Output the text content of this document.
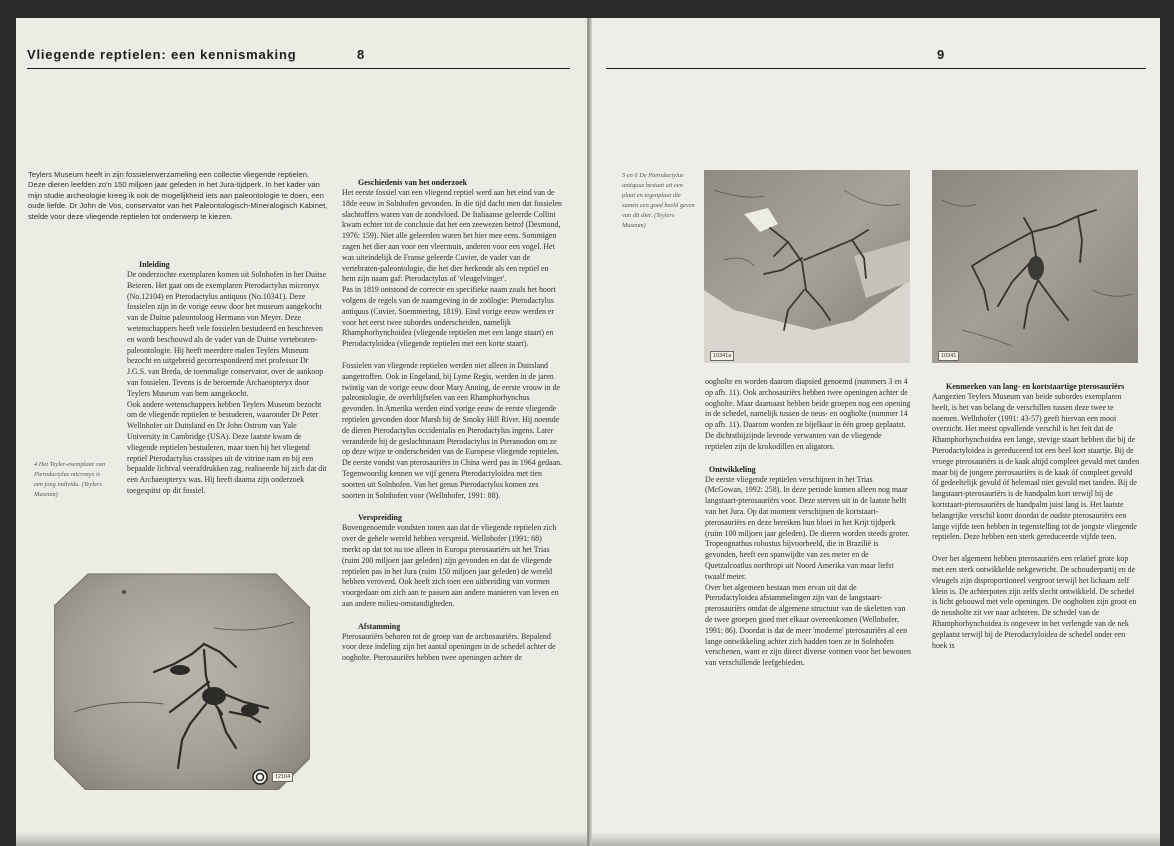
Vliegende reptielen: een kennismaking	8
Teylers Museum heeft in zijn fossielenverzameling een collectie vliegende reptielen. Deze dieren leefden zo'n 150 miljoen jaar geleden in het Jura-tijdperk. In het kader van mijn studie archeologie kreeg ik ook de mogelijkheid iets aan paleontologie te doen, een oude liefde. Dr John de Vos, conservator van het Paleontologisch-Mineralogisch Kabinet, stelde voor deze vliegende reptielen tot onderwerp te kiezen.
Inleiding

De onderzochte exemplaren komen uit Solnhofen in het Duitse Beieren. Het gaat om de exemplaren Pterodactylus micronyx (No.12104) en Pterodactylus antiquus (No.10341). Deze fossielen zijn in de vorige eeuw door het museum aangekocht van de Duitse paleontoloog Hermann von Meyer. Deze wetenschappers heeft vele fossielen bestudeerd en beschreven en wordt beschouwd als de vader van de Duitse vertebraten-paleontologie. Hij heeft meerdere malen Teylers Museum bezocht en uitgebreid gecorrespondeerd met professor Dr J.G.S. van Breda, de toenmalige conservator, over de aankoop van fossielen. Tevens is de beroemde Archaeopteryx door Teylers Museum van hem aangekocht.

Ook andere wetenschappers hebben Teylers Museum bezocht om de vliegende reptielen te bestuderen, waaronder Dr Peter Wellnhofer uit Duitsland en Dr John Ostrom van Yale University in Cambridge (USA). Deze laatste kwam de vliegende reptielen bestuderen, maar toen hij het vliegend reptiel Pterodactylus crassipes uit de vitrine nam en bij een bepaalde lichtval veerafdrukken zag, realiseerde hij zich dat dit een Archaeopteryx was. Hij heeft daarna zijn onderzoek toegespitst op dit fossiel.

4 Het Teyler-exemplaar van Pterodactylus micronyx is een jong individu. (Teylers Museum)
12104
Geschiedenis van het onderzoek

Het eerste fossiel van een vliegend reptiel werd aan het eind van de 18de eeuw in Solnhofen gevonden. In die tijd dacht men dat fossielen slachtoffers waren van de zondvloed. De Italiaanse geleerde Collini kwam echter tot de conclusie dat het een zeewezen betrof (Desmond, 1976: 159). Niet alle geleerden waren het hier mee eens. Sommigen zagen het dier aan voor een vleermuis, anderen voor een vogel. Het was uiteindelijk de Franse geleerde Cuvier, de vader van de vertebraten-paleontologie, die het dier herkende als een reptiel en hem zijn naam gaf: Pterodactylus of 'vleugelvinger'.

Pas in 1819 ontstond de correcte en specifieke naam zoals het hoort volgens de regels van de naamgeving in de zoölogie: Pterodactylus antiquus (Cuvier, Soemmering, 1819). Eind vorige eeuw werden er voor het eerst twee subordes onderscheiden, namelijk Rhamphorhynchoidea (vliegende reptielen met een lange staart) en Pterodactyloidea (vliegende reptielen met een korte staart).

Fossielen van vliegende reptielen werden niet alleen in Duitsland aangetroffen. Ook in Engeland, bij Lyme Regis, werden in de jaren twintig van de vorige eeuw door Mary Anning, de eerste vrouw in de paleontologie, de overblijfselen van een Rhamphorhynchus gevonden. In Amerika werden eind vorige eeuw de eerste vliegende reptielen gevonden door Marsh bij de Smoky Hill River. Hij noemde de dieren Pterodactylus occidentalis en Pterodactylus ingens. Later veranderde hij de geslachtsnaam Pterodactylus in Pteranodon om ze op deze wijze te onderscheiden van de Europese vliegende reptielen.

De eerste vondst van pterosauriërs in China werd pas in 1964 gedaan. Tegenwoordig kennen we vijf genera Pterodactyloidea met tien soorten uit Solnhofen. Van het genus Pterodactylus komen zes soorten in Solnhofen voor (Wellnhofer, 1991: 88).

Verspreiding

Bovengenoemde vondsten tonen aan dat de vliegende reptielen zich over de gehele wereld hebben verspreid. Wellnhofer (1991: 68) merkt op dat tot nu toe alleen in Europa pterosauriërs uit het Trias (ruim 200 miljoen jaar geleden) zijn gevonden en dat de vliegende reptielen pas in het Jura (ruim 150 miljoen jaar geleden) de wereld hebben veroverd. Ook heeft zich toen een uitbreiding van vormen voorgedaan om zich aan te passen aan andere manieren van leven en aan andere milieu-omstandigheden.

Afstamming

Pterosauriërs behoren tot de groep van de archosauriërs. Bepalend voor deze indeling zijn het aantal openingen in de schedel achter de oogholte. Pterosauriërs hebben twee openingen achter de

9
5 en 6 De Pterodactylus antiquus bestaat uit een plaat en tegenplaat die samen een goed beeld geven van dit dier. (Teylers Museum)
10341a	10341

oogholte en worden daarom diapsied genoemd (nummers 3 en 4 op afb. 11). Ook archosauriërs hebben twee openingen achter de oogholte. Maar daarnaast hebben beide groepen nog een opening in de schedel, namelijk tussen de neus- en oogholte (nummer 14 op afb. 11). Daarom worden ze bijelkaar in één groep geplaatst. De dichtstbijzijnde levende verwanten van de vliegende reptielen zijn de krokodillen en aligators.

Ontwikkeling

De eerste vliegende reptielen verschijnen in het Trias (McGowan, 1992: 258). In deze periode komen alleen nog maar langstaart-pterosauriërs voor. Deze sterven uit in de laatste helft van het Jura. Op dat moment verschijnen de kortstaart-pterosauriërs en deze bereiken hun bloei in het Krijt tijdperk (ruim 100 miljoen jaar geleden). De dieren worden steeds groter. Tropeognathus robustus bijvoorbeeld, die in Brazilië is gevonden, heeft een spanwijdte van zes meter en de Quetzalcoatlus northropi uit Noord Amerika van maar liefst twaalf meter.

Over het algemeen bestaan men ervan uit dat de Pterodactyloidea afstammelingen zijn van de langstaart-pterosauriërs omdat de algemene structuur van de skeletten van de twee groepen goed met elkaar overeenkomen (Wellnhofer, 1991: 86). Doordat is dat de meer 'moderne' pterosauriërs al een lange ontwikkeling achter zich hadden toen ze in Solnhofen verschenen, want er zijn direct diverse vormen voor het bewonen van verschillende leefgebieden.

Kenmerken van lang- en kortstaartige pterosauriërs

Aangezien Teylers Museum van beide subordes exemplaren heeft, is het van belang de verschillen tussen deze twee te noemen. Wellnhofer (1991: 43-57) geeft hiervan een mooi overzicht. Het meest opvallende verschil is het feit dat de Rhamphorhynchoidea een lange, stevige staart hebben die bij de Pterodactyloidea is gereduceerd tot een heel kort staartje. Bij de vroege pterosauriërs is de kaak altijd compleet gevuld met tanden maar bij de jongere pterosauriërs is de kaak óf compleet gevuld óf gedeeltelijk gevuld óf helemaal niet gevuld met tanden. Bij de langstaart-pterosauriërs is de handpalm kort terwijl bij de kortstaart-pterosauriërs de handpalm juist lang is. Het laatste belangrijke verschil komt doordat de oudste pterosauriërs een lange vijfde teen hebben in tegenstelling tot de jongste vliegende reptielen. Deze hebben een sterk gereduceerde vijfde teen.

Over het algemeen hebben pterosauriërs een relatief grote kop met een sterk ontwikkelde nekgewricht. De schouderpartij en de vleugels zijn disproportioneel vergroot terwijl het lichaam zelf klein is. De achterpoten zijn zelfs slecht ontwikkeld. De schedel is licht gebouwd met vele openingen. De oogholten zijn groot en de neusholte zit ver naar achteren. De schedel van de Rhamphorhynchoidea is ongeveer in het verlengde van de nek geplaatst terwijl bij de Pterodactyloidea de schedel onder een hoek is
